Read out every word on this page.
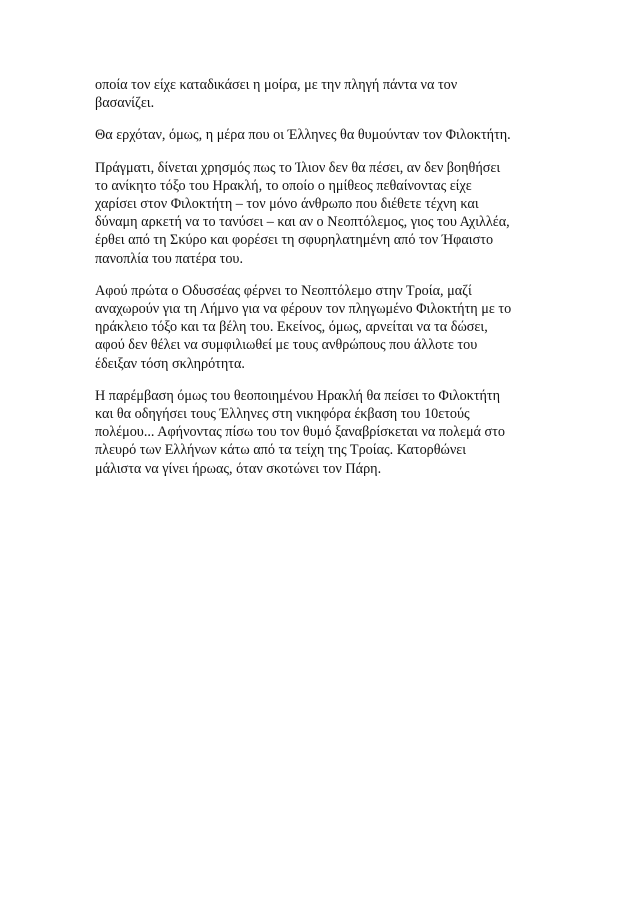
οποία τον είχε καταδικάσει η μοίρα, με την πληγή πάντα να τον
βασανίζει.

Θα ερχόταν, όμως, η μέρα που οι Έλληνες θα θυμούνταν τον Φιλοκτήτη.

Πράγματι, δίνεται χρησμός πως το Ίλιον δεν θα πέσει, αν δεν βοηθήσει
το ανίκητο τόξο του Ηρακλή, το οποίο ο ημίθεος πεθαίνοντας είχε
χαρίσει στον Φιλοκτήτη – τον μόνο άνθρωπο που διέθετε τέχνη και
δύναμη αρκετή να το τανύσει – και αν ο Νεοπτόλεμος, γιος του Αχιλλέα,
έρθει από τη Σκύρο και φορέσει τη σφυρηλατημένη από τον Ήφαιστο
πανοπλία του πατέρα του.

Αφού πρώτα ο Οδυσσέας φέρνει το Νεοπτόλεμο στην Τροία, μαζί
αναχωρούν για τη Λήμνο για να φέρουν τον πληγωμένο Φιλοκτήτη με το
ηράκλειο τόξο και τα βέλη του. Εκείνος, όμως, αρνείται να τα δώσει,
αφού δεν θέλει να συμφιλιωθεί με τους ανθρώπους που άλλοτε του
έδειξαν τόση σκληρότητα.

Η παρέμβαση όμως του θεοποιημένου Ηρακλή θα πείσει το Φιλοκτήτη
και θα οδηγήσει τους Έλληνες στη νικηφόρα έκβαση του 10ετούς
πολέμου... Αφήνοντας πίσω του τον θυμό ξαναβρίσκεται να πολεμά στο
πλευρό των Ελλήνων κάτω από τα τείχη της Τροίας. Κατορθώνει
μάλιστα να γίνει ήρωας, όταν σκοτώνει τον Πάρη.
